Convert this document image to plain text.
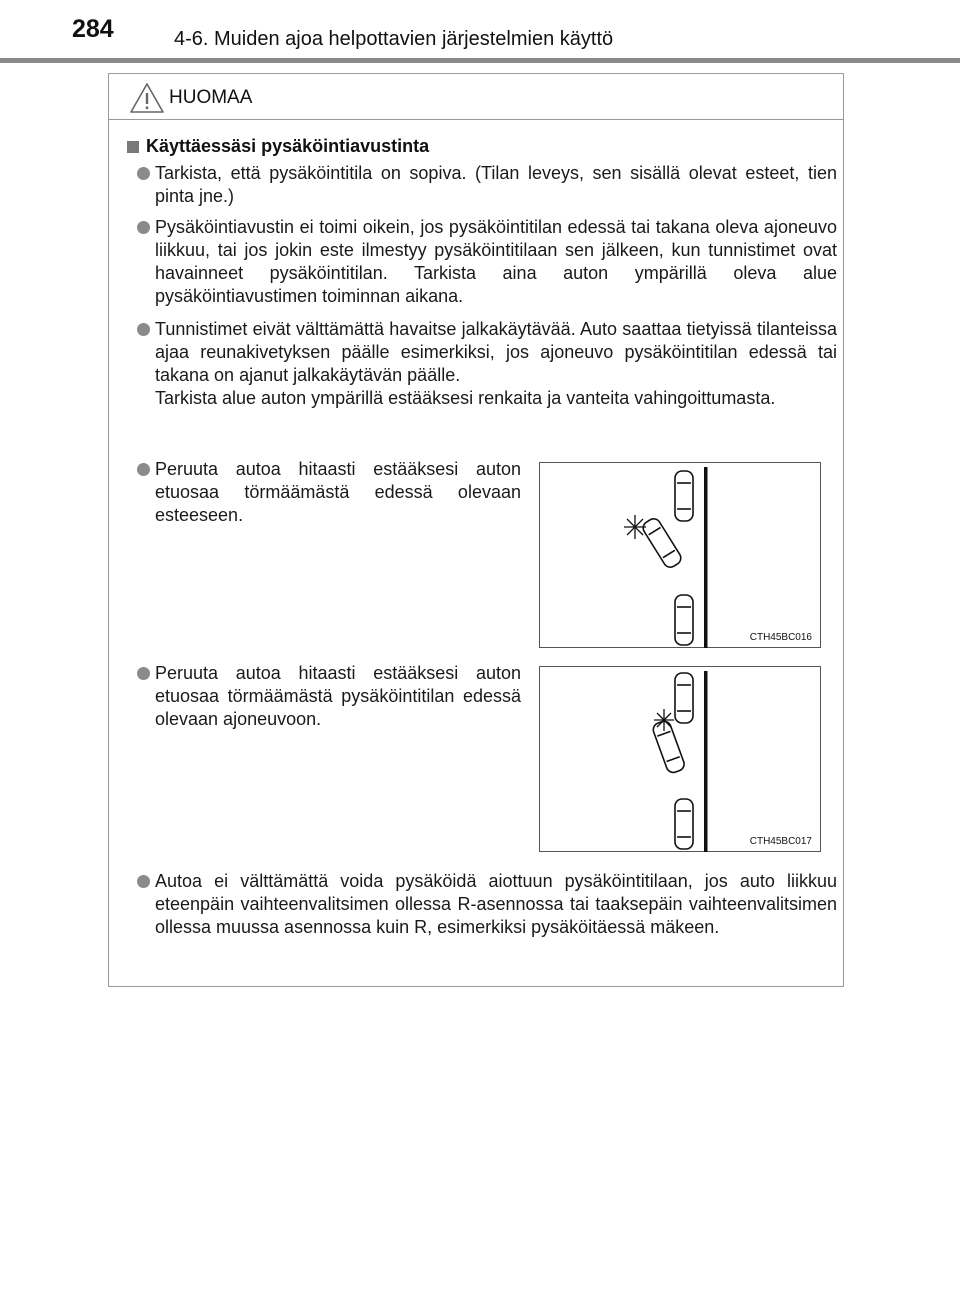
284	4-6. Muiden ajoa helpottavien järjestelmien käyttö
HUOMAA
Käyttäessäsi pysäköintiavustinta

Tarkista, että pysäköintitila on sopiva. (Tilan leveys, sen sisällä olevat esteet, tien pinta jne.)

Pysäköintiavustin ei toimi oikein, jos pysäköintitilan edessä tai takana oleva ajoneuvo liikkuu, tai jos jokin este ilmestyy pysäköintitilaan sen jälkeen, kun tunnistimet ovat havainneet pysäköintitilan. Tarkista aina auton ympärillä oleva alue pysäköintiavustimen toiminnan aikana.

Tunnistimet eivät välttämättä havaitse jalkakäytävää. Auto saattaa tietyissä tilanteissa ajaa reunakivetyksen päälle esimerkiksi, jos ajoneuvo pysäköintitilan edessä tai takana on ajanut jalkakäytävän päälle.

Tarkista alue auton ympärillä estääksesi renkaita ja vanteita vahingoittumasta.

Peruuta autoa hitaasti estääksesi auton etuosaa törmäämästä edessä olevaan esteeseen.

CTH45BC016

Peruuta autoa hitaasti estääksesi auton etuosaa törmäämästä pysäköintitilan edessä olevaan ajoneuvoon.

CTH45BC017

Autoa ei välttämättä voida pysäköidä aiottuun pysäköintitilaan, jos auto liikkuu eteenpäin vaihteenvalitsimen ollessa R-asennossa tai taaksepäin vaihteenvalitsimen ollessa muussa asennossa kuin R, esimerkiksi pysäköitäessä mäkeen.
